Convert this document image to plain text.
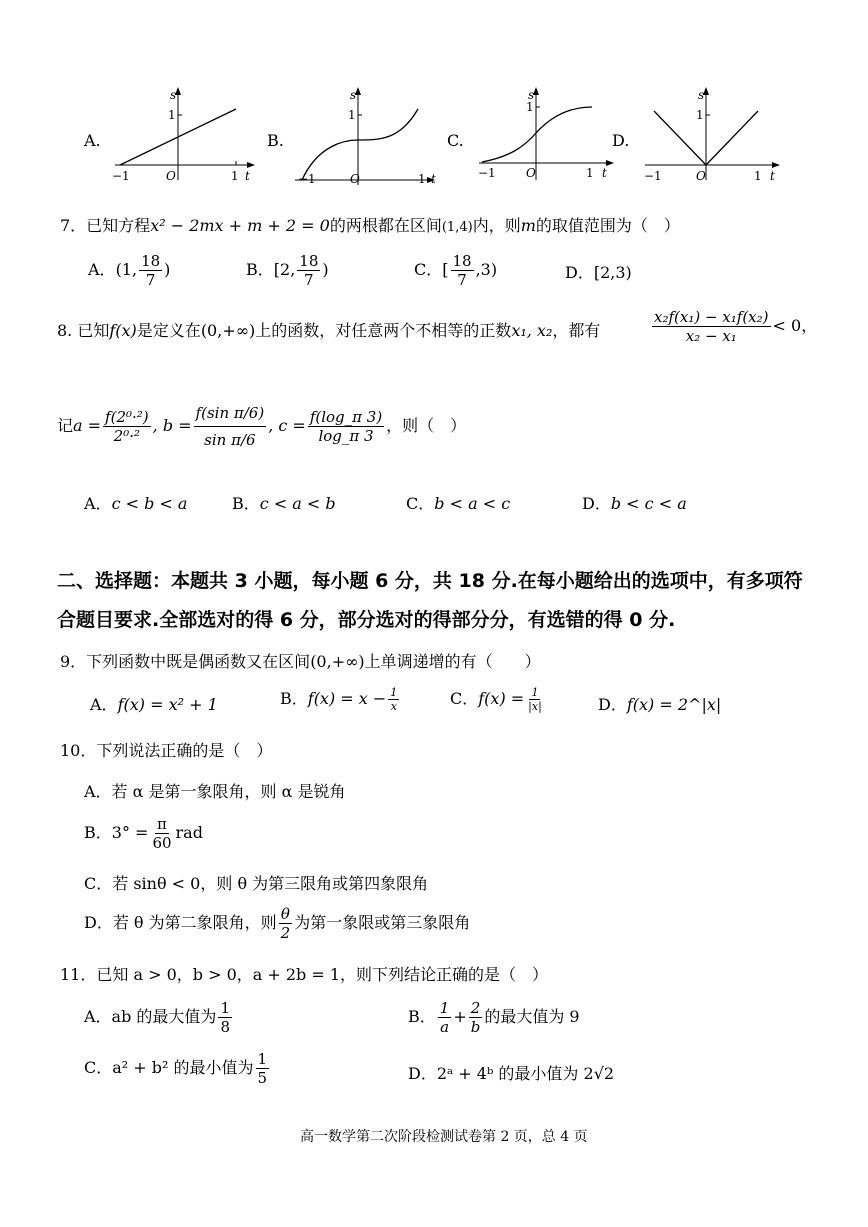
A.
−1	1
O
1
s
t
B.
−1	1
O
1
s
t
C.
−1	1
O
1
s
t
D.
−1	1
O
1
s
t
7．已知方程x² − 2mx + m + 2 = 0的两根都在区间(1,4)内，则m的取值范围为（　）
A．(1, $\frac{18}{7}$ )	B．[2, $\frac{18}{7}$ )	C．[ $\frac{18}{7} ,3$)	D．[2,3)
8. 已知f(x)是定义在(0,+∞)上的函数，对任意两个不相等的正数x₁, x₂，都有	$\frac{\text{x₂f(x₁) − x₁f(x₂)}}{\text{x₂ − x₁}} < 0$，
记$a = \frac{\text{f(2⁰·²)}}{\text{2⁰·²}}$ , $b = \frac{\text{f(sin π/6)}}{\text{sin π/6}}$ , $c = \frac{f(\log\_\pi 3)}{\log\_\pi 3}$ ，则（　）
A．c < b < a	B．c < a < b	C．b < a < c	D．b < c < a
二、选择题：本题共 3 小题，每小题 6 分，共 18 分.在每小题给出的选项中，有多项符
合题目要求.全部选对的得 6 分，部分选对的得部分分，有选错的得 0 分.
9．下列函数中既是偶函数又在区间(0,+∞)上单调递增的有（　　）
A．f(x) = x² + 1	B．$f(x) = x - \frac{1}{x}$	C．$f(x) = \frac{1}{|x|}$	D．f(x) = 2^|x|
10．下列说法正确的是（　）
A．若 α 是第一象限角，则 α 是锐角
B．$3^\circ = \frac{\pi}{60}$ rad
C．若 sinθ < 0，则 θ 为第三限角或第四象限角
D．若 θ 为第二象限角，则 $\frac{\theta}{2}$ 为第一象限或第三象限角
11．已知 a > 0，b > 0，a + 2b = 1，则下列结论正确的是（　）
A．ab 的最大值为 $\frac{1}{8}$	B． $\frac{1}{a} + \frac{2}{b}$ 的最大值为 9
C．a² + b² 的最小值为 $\frac{1}{5}$	D．2ᵃ + 4ᵇ 的最小值为 2√2
高一数学第二次阶段检测试卷第 2 页，总 4 页
